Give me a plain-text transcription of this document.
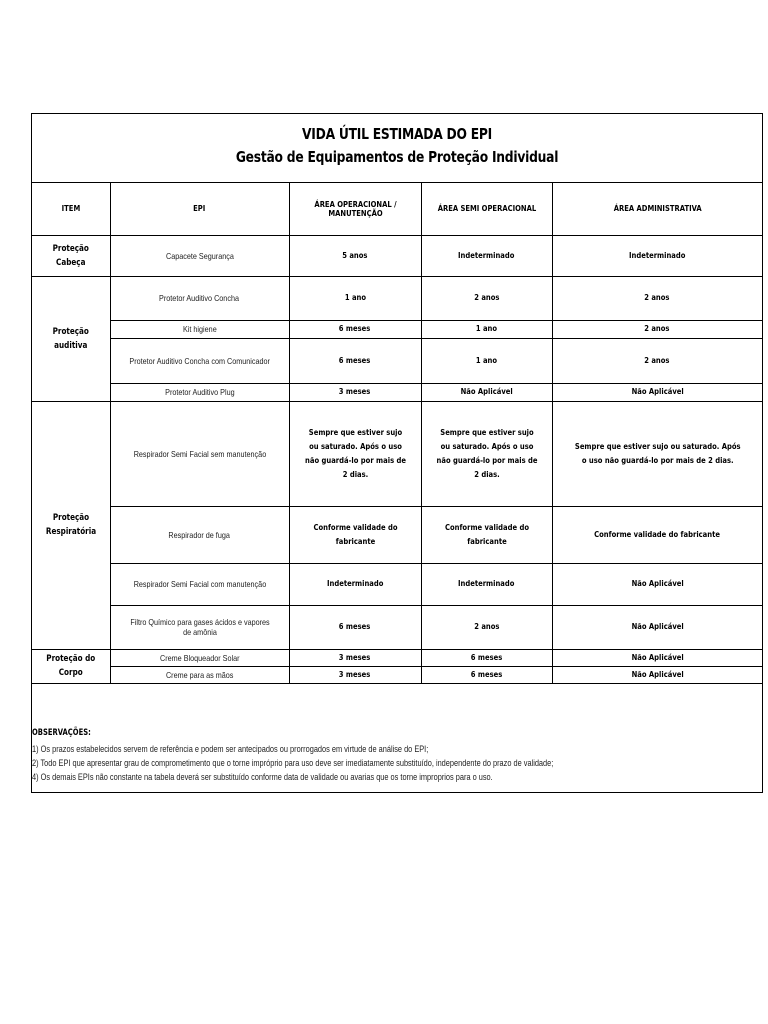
VIDA ÚTIL ESTIMADA DO EPI
Gestão de Equipamentos de Proteção Individual
ITEM	EPI	ÁREA OPERACIONAL / MANUTENÇÃO	ÁREA SEMI OPERACIONAL	ÁREA ADMINISTRATIVA
Proteção Cabeça	Capacete Segurança	5 anos	Indeterminado	Indeterminado
Proteção auditiva	Protetor Auditivo Concha	1 ano	2 anos	2 anos
	Kit higiene	6 meses	1 ano	2 anos
	Protetor Auditivo Concha com Comunicador	6 meses	1 ano	2 anos
	Protetor Auditivo Plug	3 meses	Não Aplicável	Não Aplicável
Proteção Respiratória	Respirador Semi Facial sem manutenção	Sempre que estiver sujo ou saturado. Após o uso não guardá-lo por mais de 2 dias.	Sempre que estiver sujo ou saturado. Após o uso não guardá-lo por mais de 2 dias.	Sempre que estiver sujo ou saturado. Após o uso não guardá-lo por mais de 2 dias.
	Respirador de fuga	Conforme validade do fabricante	Conforme validade do fabricante	Conforme validade do fabricante
	Respirador Semi Facial com manutenção	Indeterminado	Indeterminado	Não Aplicável
	Filtro Químico para gases ácidos e vapores de amônia	6 meses	2 anos	Não Aplicável
Proteção do Corpo	Creme Bloqueador Solar	3 meses	6 meses	Não Aplicável
	Creme para as mãos	3 meses	6 meses	Não Aplicável
OBSERVAÇÕES:
1) Os prazos estabelecidos servem de referência e podem ser antecipados ou prorrogados em virtude de análise do EPI;
2) Todo EPI que apresentar grau de comprometimento que o torne impróprio para uso deve ser imediatamente substituído, independente do prazo de validade;
4) Os demais EPIs não constante na tabela deverá ser substituído conforme data de validade ou avarias que os torne improprios para o uso.
